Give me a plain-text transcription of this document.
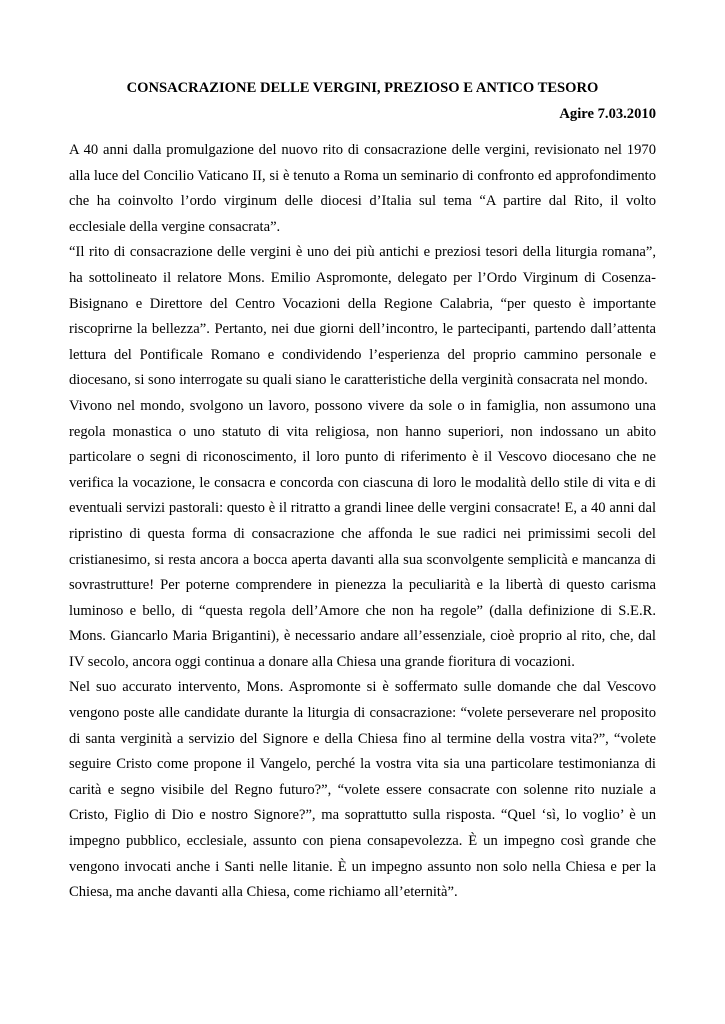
CONSACRAZIONE DELLE VERGINI, PREZIOSO E ANTICO TESORO
Agire 7.03.2010

A 40 anni dalla promulgazione del nuovo rito di consacrazione delle vergini, revisionato nel 1970 alla luce del Concilio Vaticano II, si è tenuto a Roma un seminario di confronto ed approfondimento che ha coinvolto l’ordo virginum delle diocesi d’Italia sul tema “A partire dal Rito, il volto ecclesiale della vergine consacrata”.

“Il rito di consacrazione delle vergini è uno dei più antichi e preziosi tesori della liturgia romana”, ha sottolineato il relatore Mons. Emilio Aspromonte, delegato per l’Ordo Virginum di Cosenza-Bisignano e Direttore del Centro Vocazioni della Regione Calabria, “per questo è importante riscoprirne la bellezza”. Pertanto, nei due giorni dell’incontro, le partecipanti, partendo dall’attenta lettura del Pontificale Romano e condividendo l’esperienza del proprio cammino personale e diocesano, si sono interrogate su quali siano le caratteristiche della verginità consacrata nel mondo.

Vivono nel mondo, svolgono un lavoro, possono vivere da sole o in famiglia, non assumono una regola monastica o uno statuto di vita religiosa, non hanno superiori, non indossano un abito particolare o segni di riconoscimento, il loro punto di riferimento è il Vescovo diocesano che ne verifica la vocazione, le consacra e concorda con ciascuna di loro le modalità dello stile di vita e di eventuali servizi pastorali: questo è il ritratto a grandi linee delle vergini consacrate! E, a 40 anni dal ripristino di questa forma di consacrazione che affonda le sue radici nei primissimi secoli del cristianesimo, si resta ancora a bocca aperta davanti alla sua sconvolgente semplicità e mancanza di sovrastrutture! Per poterne comprendere in pienezza la peculiarità e la libertà di questo carisma luminoso e bello, di “questa regola dell’Amore che non ha regole” (dalla definizione di S.E.R. Mons. Giancarlo Maria Brigantini), è necessario andare all’essenziale, cioè proprio al rito, che, dal IV secolo, ancora oggi continua a donare alla Chiesa una grande fioritura di vocazioni.

Nel suo accurato intervento, Mons. Aspromonte si è soffermato sulle domande che dal Vescovo vengono poste alle candidate durante la liturgia di consacrazione: “volete perseverare nel proposito di santa verginità a servizio del Signore e della Chiesa fino al termine della vostra vita?”, “volete seguire Cristo come propone il Vangelo, perché la vostra vita sia una particolare testimonianza di carità e segno visibile del Regno futuro?”, “volete essere consacrate con solenne rito nuziale a Cristo, Figlio di Dio e nostro Signore?”, ma soprattutto sulla risposta. “Quel ‘sì, lo voglio’ è un impegno pubblico, ecclesiale, assunto con piena consapevolezza. È un impegno così grande che vengono invocati anche i Santi nelle litanie. È un impegno assunto non solo nella Chiesa e per la Chiesa, ma anche davanti alla Chiesa, come richiamo all’eternità”.
